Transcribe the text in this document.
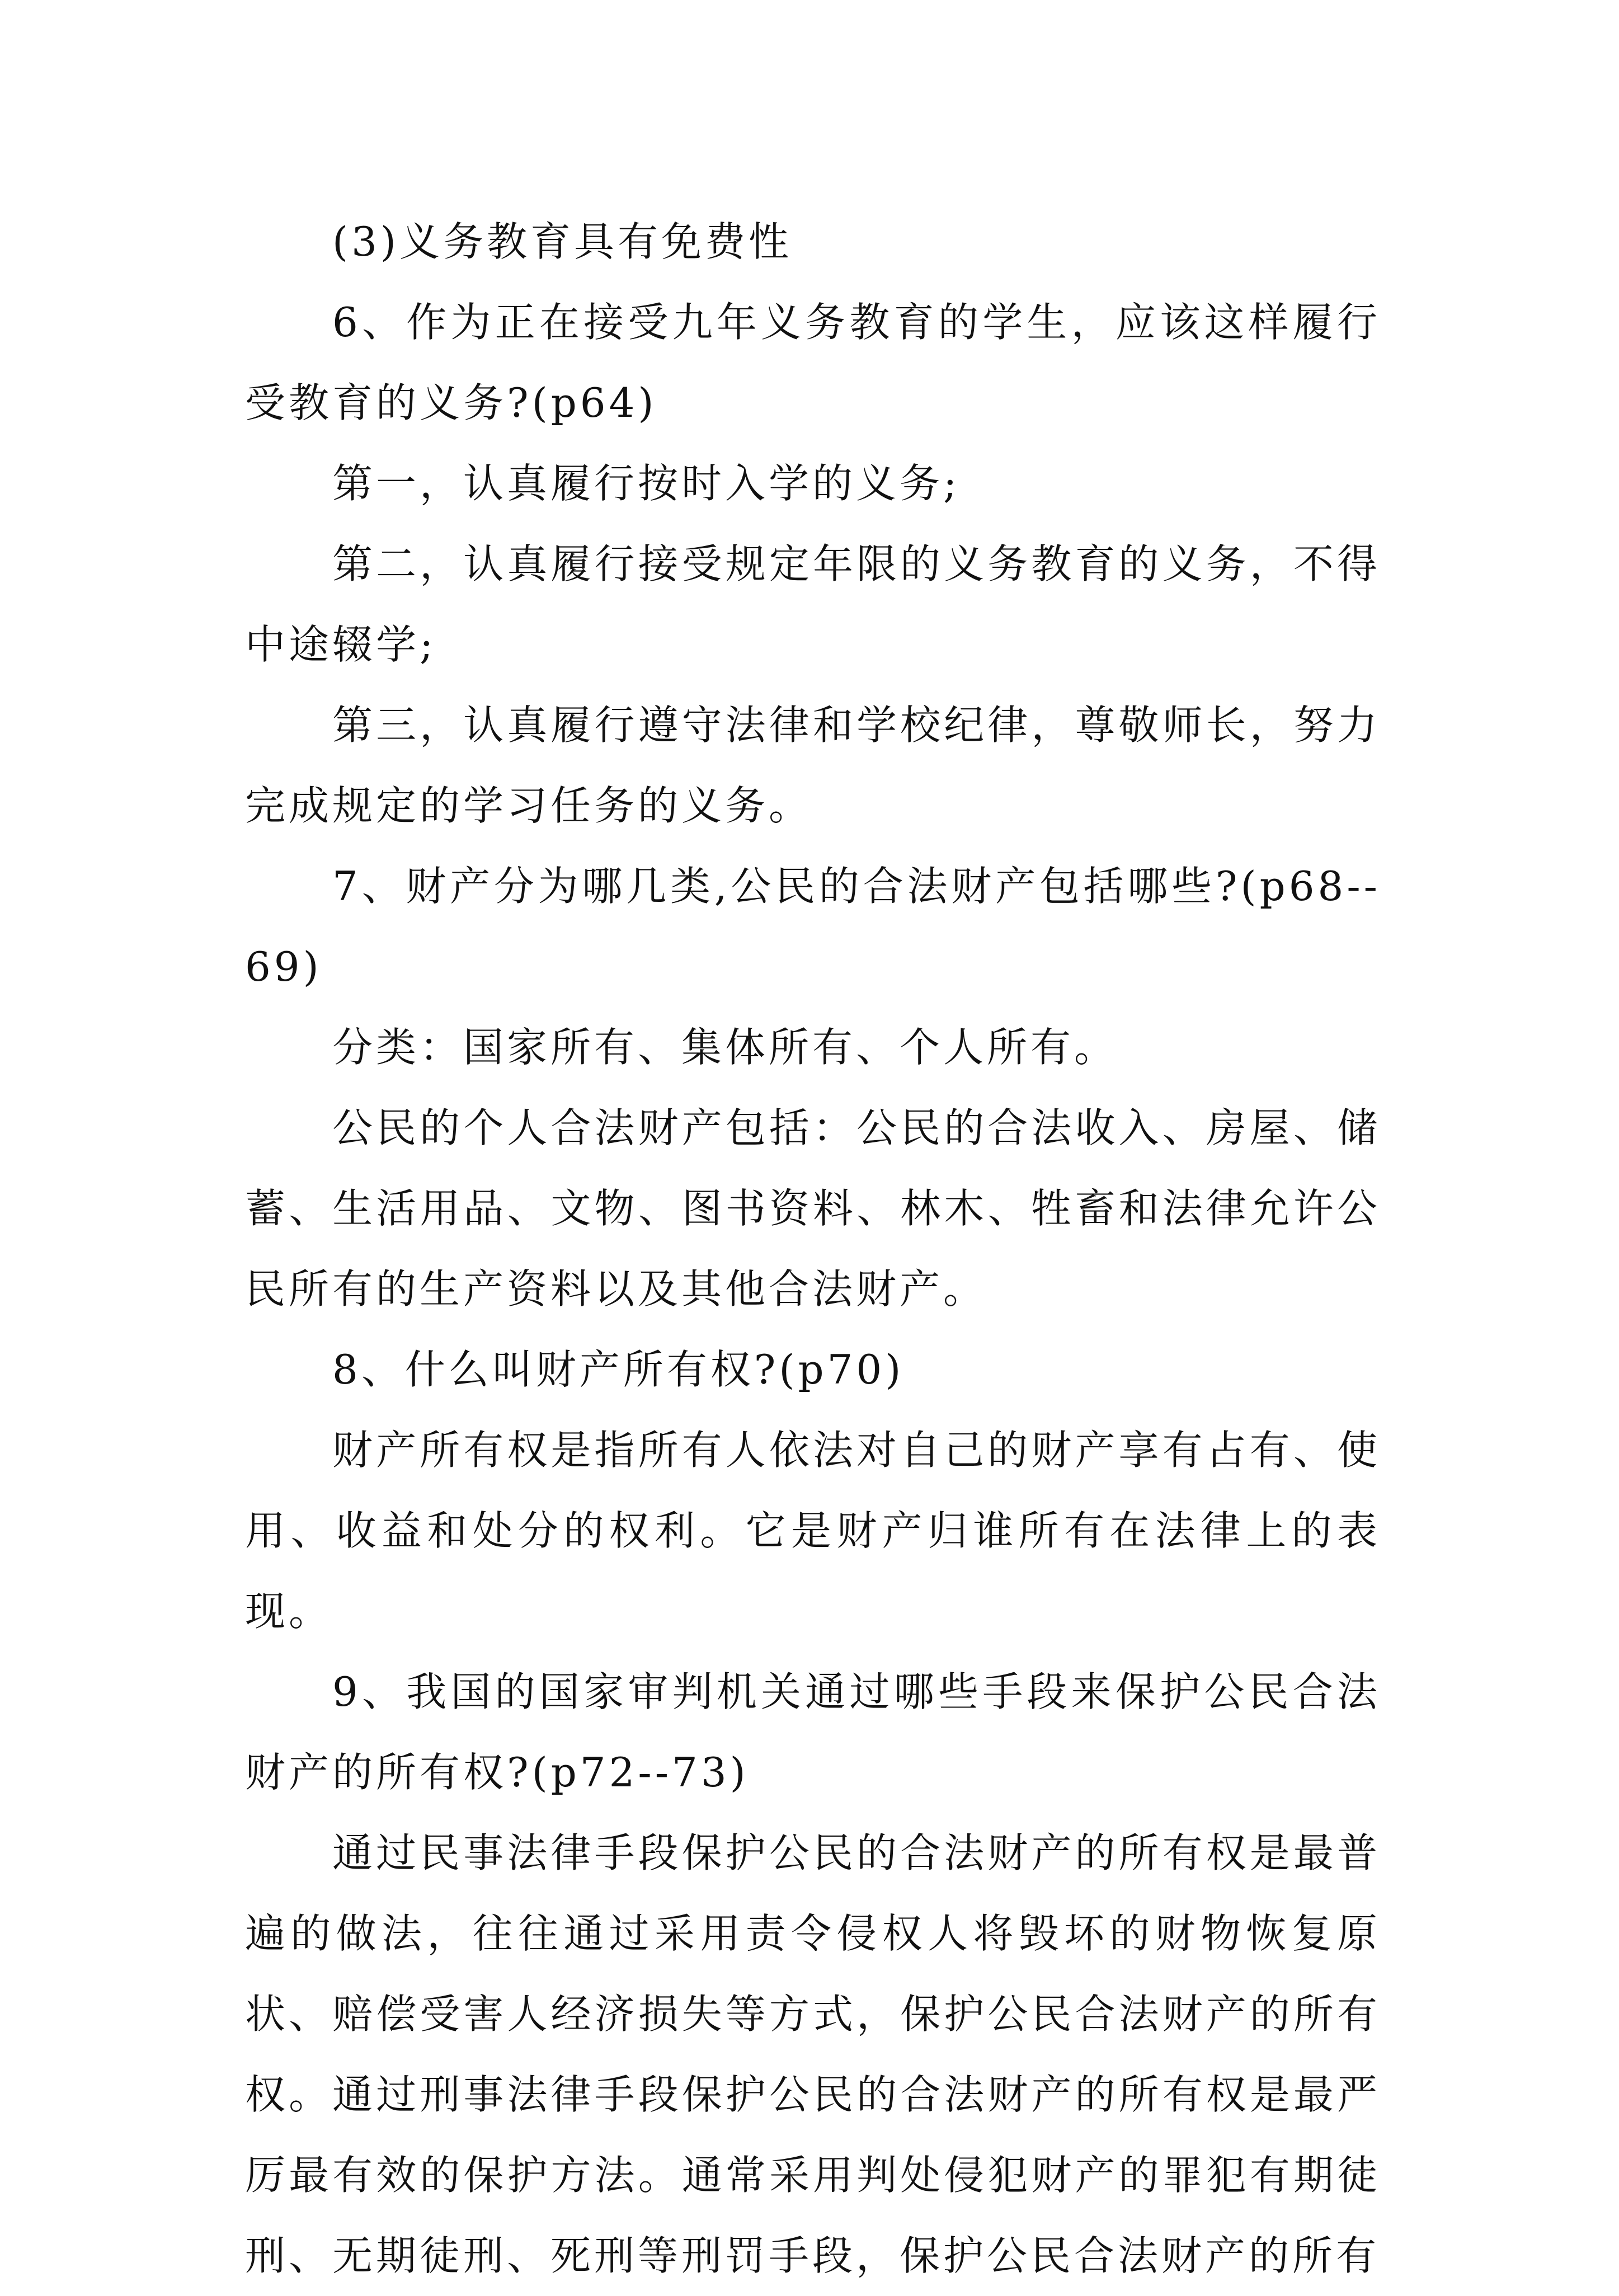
(3)义务教育具有免费性

6、作为正在接受九年义务教育的学生，应该这样履行受教育的义务?(p64)

第一，认真履行按时入学的义务;

第二，认真履行接受规定年限的义务教育的义务，不得中途辍学;

第三，认真履行遵守法律和学校纪律，尊敬师长，努力完成规定的学习任务的义务。

7、财产分为哪几类,公民的合法财产包括哪些?(p68--69)

分类：国家所有、集体所有、个人所有。

公民的个人合法财产包括：公民的合法收入、房屋、储蓄、生活用品、文物、图书资料、林木、牲畜和法律允许公民所有的生产资料以及其他合法财产。

8、什么叫财产所有权?(p70)

财产所有权是指所有人依法对自己的财产享有占有、使用、收益和处分的权利。它是财产归谁所有在法律上的表现。

9、我国的国家审判机关通过哪些手段来保护公民合法财产的所有权?(p72--73)

通过民事法律手段保护公民的合法财产的所有权是最普遍的做法，往往通过采用责令侵权人将毁坏的财物恢复原状、赔偿受害人经济损失等方式，保护公民合法财产的所有权。通过刑事法律手段保护公民的合法财产的所有权是最严厉最有效的保护方法。通常采用判处侵犯财产的罪犯有期徒刑、无期徒刑、死刑等刑罚手段，保护公民合法财产的所有
